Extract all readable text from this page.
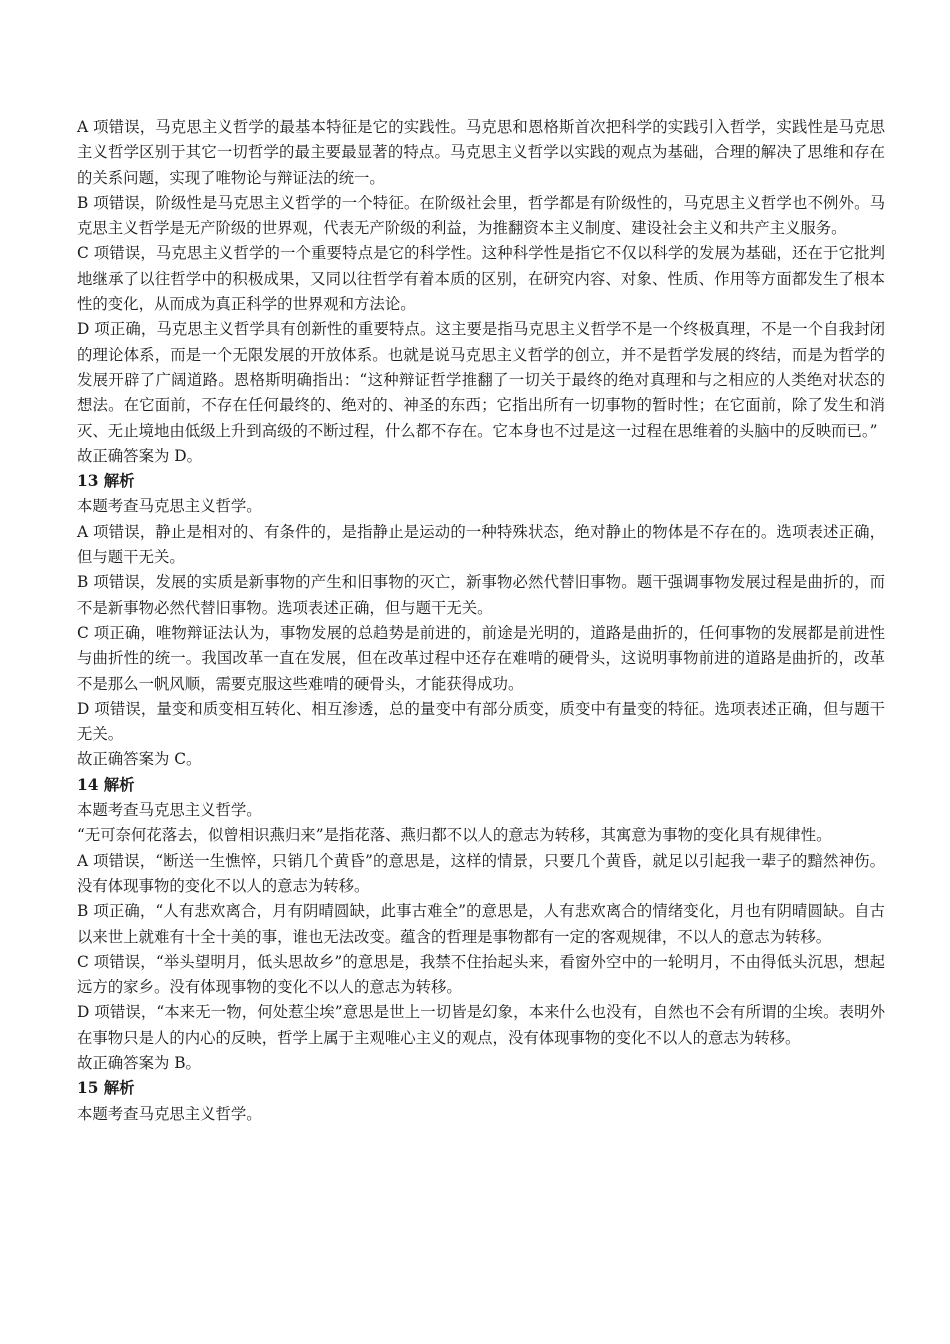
A 项错误，马克思主义哲学的最基本特征是它的实践性。马克思和恩格斯首次把科学的实践引入哲学，实践性是马克思主义哲学区别于其它一切哲学的最主要最显著的特点。马克思主义哲学以实践的观点为基础，合理的解决了思维和存在的关系问题，实现了唯物论与辩证法的统一。

B 项错误，阶级性是马克思主义哲学的一个特征。在阶级社会里，哲学都是有阶级性的，马克思主义哲学也不例外。马克思主义哲学是无产阶级的世界观，代表无产阶级的利益，为推翻资本主义制度、建设社会主义和共产主义服务。

C 项错误，马克思主义哲学的一个重要特点是它的科学性。这种科学性是指它不仅以科学的发展为基础，还在于它批判地继承了以往哲学中的积极成果，又同以往哲学有着本质的区别，在研究内容、对象、性质、作用等方面都发生了根本性的变化，从而成为真正科学的世界观和方法论。

D 项正确，马克思主义哲学具有创新性的重要特点。这主要是指马克思主义哲学不是一个终极真理，不是一个自我封闭的理论体系，而是一个无限发展的开放体系。也就是说马克思主义哲学的创立，并不是哲学发展的终结，而是为哲学的发展开辟了广阔道路。恩格斯明确指出：“这种辩证哲学推翻了一切关于最终的绝对真理和与之相应的人类绝对状态的想法。在它面前，不存在任何最终的、绝对的、神圣的东西；它指出所有一切事物的暂时性；在它面前，除了发生和消灭、无止境地由低级上升到高级的不断过程，什么都不存在。它本身也不过是这一过程在思维着的头脑中的反映而已。”

故正确答案为 D。

13 解析

本题考查马克思主义哲学。

A 项错误，静止是相对的、有条件的，是指静止是运动的一种特殊状态，绝对静止的物体是不存在的。选项表述正确，但与题干无关。

B 项错误，发展的实质是新事物的产生和旧事物的灭亡，新事物必然代替旧事物。题干强调事物发展过程是曲折的，而不是新事物必然代替旧事物。选项表述正确，但与题干无关。

C 项正确，唯物辩证法认为，事物发展的总趋势是前进的，前途是光明的，道路是曲折的，任何事物的发展都是前进性与曲折性的统一。我国改革一直在发展，但在改革过程中还存在难啃的硬骨头，这说明事物前进的道路是曲折的，改革不是那么一帆风顺，需要克服这些难啃的硬骨头，才能获得成功。

D 项错误，量变和质变相互转化、相互渗透，总的量变中有部分质变，质变中有量变的特征。选项表述正确，但与题干无关。

故正确答案为 C。

14 解析

本题考查马克思主义哲学。

“无可奈何花落去，似曾相识燕归来”是指花落、燕归都不以人的意志为转移，其寓意为事物的变化具有规律性。

A 项错误，“断送一生憔悴，只销几个黄昏”的意思是，这样的情景，只要几个黄昏，就足以引起我一辈子的黯然神伤。没有体现事物的变化不以人的意志为转移。

B 项正确，“人有悲欢离合，月有阴晴圆缺，此事古难全”的意思是，人有悲欢离合的情绪变化，月也有阴晴圆缺。自古以来世上就难有十全十美的事，谁也无法改变。蕴含的哲理是事物都有一定的客观规律，不以人的意志为转移。

C 项错误，“举头望明月，低头思故乡”的意思是，我禁不住抬起头来，看窗外空中的一轮明月，不由得低头沉思，想起远方的家乡。没有体现事物的变化不以人的意志为转移。

D 项错误，“本来无一物，何处惹尘埃”意思是世上一切皆是幻象，本来什么也没有，自然也不会有所谓的尘埃。表明外在事物只是人的内心的反映，哲学上属于主观唯心主义的观点，没有体现事物的变化不以人的意志为转移。

故正确答案为 B。

15 解析

本题考查马克思主义哲学。
